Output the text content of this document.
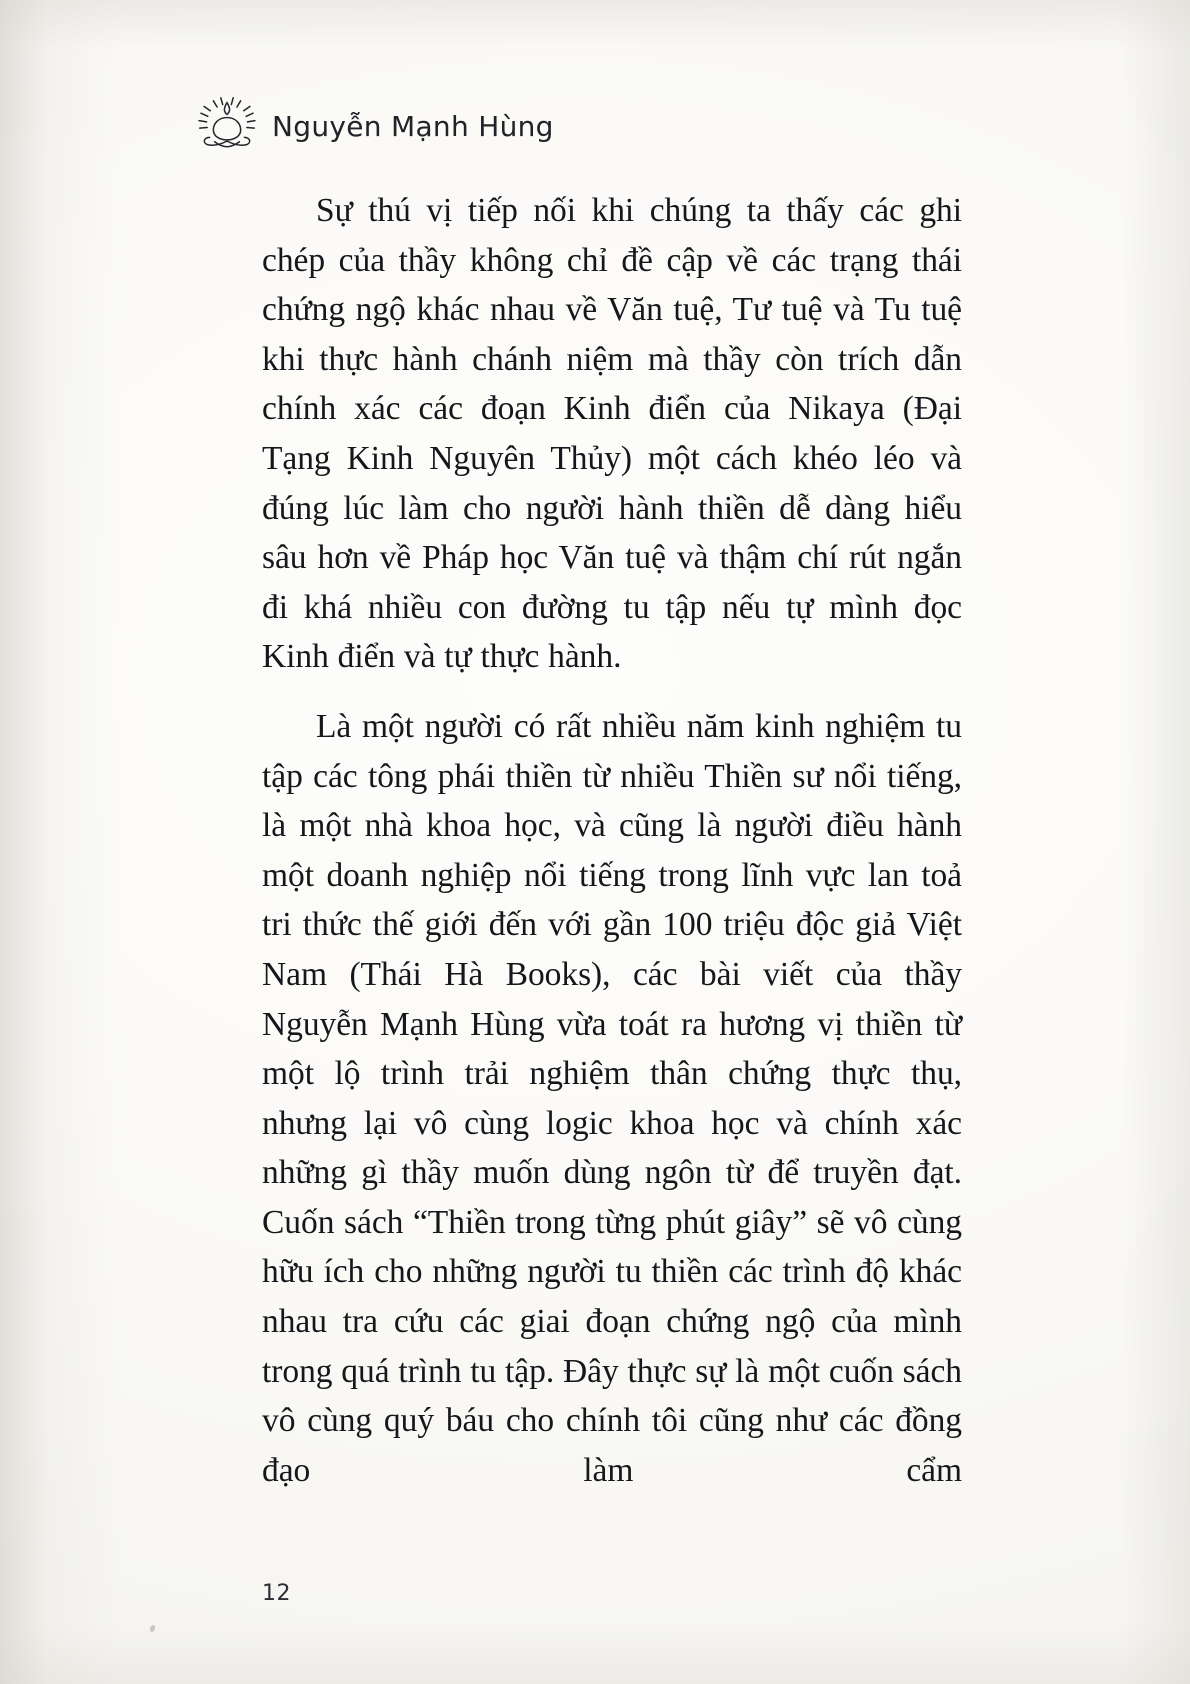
Nguyễn Mạnh Hùng

Sự thú vị tiếp nối khi chúng ta thấy các ghi chép của thầy không chỉ đề cập về các trạng thái chứng ngộ khác nhau về Văn tuệ, Tư tuệ và Tu tuệ khi thực hành chánh niệm mà thầy còn trích dẫn chính xác các đoạn Kinh điển của Nikaya (Đại Tạng Kinh Nguyên Thủy) một cách khéo léo và đúng lúc làm cho người hành thiền dễ dàng hiểu sâu hơn về Pháp học Văn tuệ và thậm chí rút ngắn đi khá nhiều con đường tu tập nếu tự mình đọc Kinh điển và tự thực hành.

Là một người có rất nhiều năm kinh nghiệm tu tập các tông phái thiền từ nhiều Thiền sư nổi tiếng, là một nhà khoa học, và cũng là người điều hành một doanh nghiệp nổi tiếng trong lĩnh vực lan toả tri thức thế giới đến với gần 100 triệu độc giả Việt Nam (Thái Hà Books), các bài viết của thầy Nguyễn Mạnh Hùng vừa toát ra hương vị thiền từ một lộ trình trải nghiệm thân chứng thực thụ, nhưng lại vô cùng logic khoa học và chính xác những gì thầy muốn dùng ngôn từ để truyền đạt. Cuốn sách “Thiền trong từng phút giây” sẽ vô cùng hữu ích cho những người tu thiền các trình độ khác nhau tra cứu các giai đoạn chứng ngộ của mình trong quá trình tu tập. Đây thực sự là một cuốn sách vô cùng quý báu cho chính tôi cũng như các đồng đạo làm cẩm

12
